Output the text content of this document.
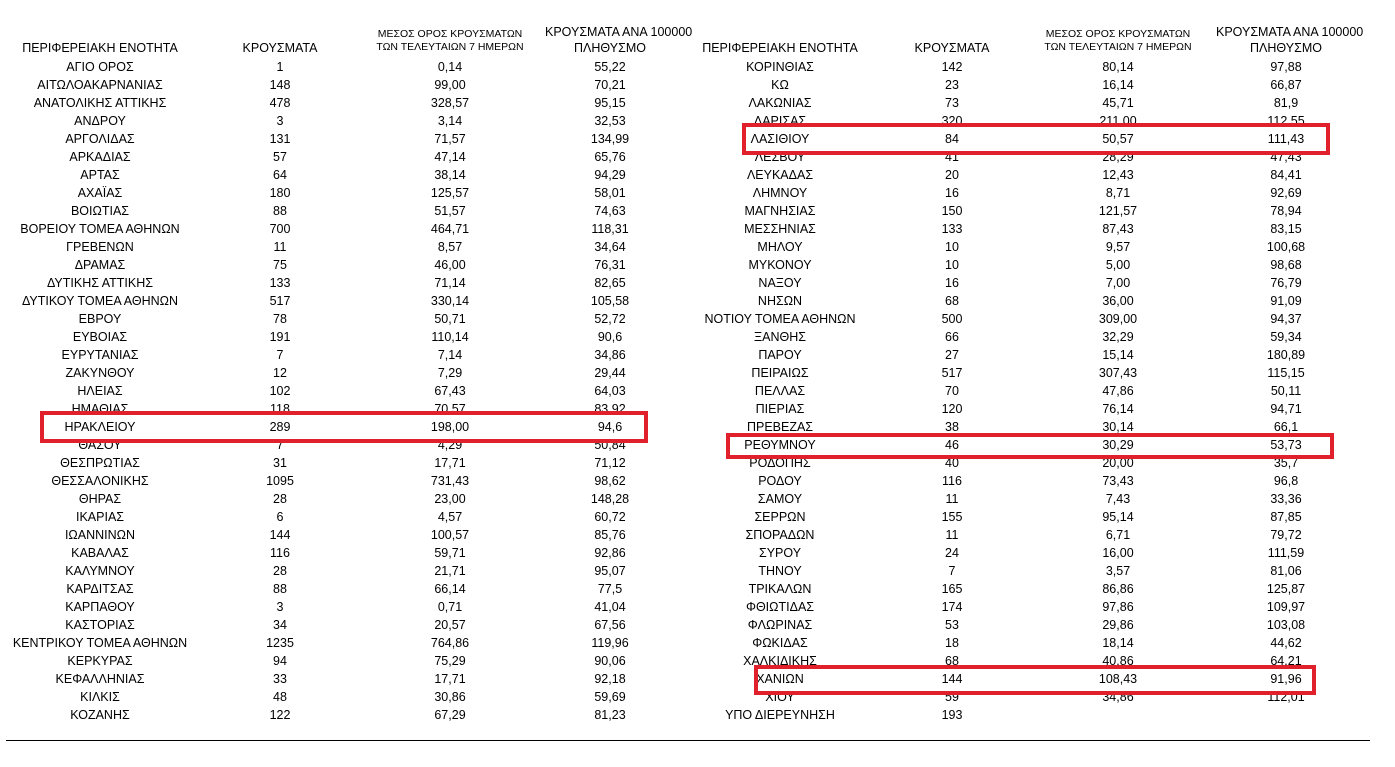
ΠΕΡΙΦΕΡΕΙΑΚΗ ΕΝΟΤΗΤΑ	ΚΡΟΥΣΜΑΤΑ
ΜΕΣΟΣ ΟΡΟΣ ΚΡΟΥΣΜΑΤΩΝ
ΤΩΝ ΤΕΛΕΥΤΑΙΩΝ 7 ΗΜΕΡΩΝ
ΚΡΟΥΣΜΑΤΑ ΑΝΑ 100000
ΠΛΗΘΥΣΜΟ
ΑΓΙΟ ΟΡΟΣ	1	0,14	55,22
ΑΙΤΩΛΟΑΚΑΡΝΑΝΙΑΣ	148	99,00	70,21
ΑΝΑΤΟΛΙΚΗΣ ΑΤΤΙΚΗΣ	478	328,57	95,15
ΑΝΔΡΟΥ	3	3,14	32,53
ΑΡΓΟΛΙΔΑΣ	131	71,57	134,99
ΑΡΚΑΔΙΑΣ	57	47,14	65,76
ΑΡΤΑΣ	64	38,14	94,29
ΑΧΑΪΑΣ	180	125,57	58,01
ΒΟΙΩΤΙΑΣ	88	51,57	74,63
ΒΟΡΕΙΟΥ ΤΟΜΕΑ ΑΘΗΝΩΝ	700	464,71	118,31
ΓΡΕΒΕΝΩΝ	11	8,57	34,64
ΔΡΑΜΑΣ	75	46,00	76,31
ΔΥΤΙΚΗΣ ΑΤΤΙΚΗΣ	133	71,14	82,65
ΔΥΤΙΚΟΥ ΤΟΜΕΑ ΑΘΗΝΩΝ	517	330,14	105,58
ΕΒΡΟΥ	78	50,71	52,72
ΕΥΒΟΙΑΣ	191	110,14	90,6
ΕΥΡΥΤΑΝΙΑΣ	7	7,14	34,86
ΖΑΚΥΝΘΟΥ	12	7,29	29,44
ΗΛΕΙΑΣ	102	67,43	64,03
ΗΜΑΘΙΑΣ	118	70,57	83,92
ΗΡΑΚΛΕΙΟΥ	289	198,00	94,6
ΘΑΣΟΥ	7	4,29	50,84
ΘΕΣΠΡΩΤΙΑΣ	31	17,71	71,12
ΘΕΣΣΑΛΟΝΙΚΗΣ	1095	731,43	98,62
ΘΗΡΑΣ	28	23,00	148,28
ΙΚΑΡΙΑΣ	6	4,57	60,72
ΙΩΑΝΝΙΝΩΝ	144	100,57	85,76
ΚΑΒΑΛΑΣ	116	59,71	92,86
ΚΑΛΥΜΝΟΥ	28	21,71	95,07
ΚΑΡΔΙΤΣΑΣ	88	66,14	77,5
ΚΑΡΠΑΘΟΥ	3	0,71	41,04
ΚΑΣΤΟΡΙΑΣ	34	20,57	67,56
ΚΕΝΤΡΙΚΟΥ ΤΟΜΕΑ ΑΘΗΝΩΝ	1235	764,86	119,96
ΚΕΡΚΥΡΑΣ	94	75,29	90,06
ΚΕΦΑΛΛΗΝΙΑΣ	33	17,71	92,18
ΚΙΛΚΙΣ	48	30,86	59,69
ΚΟΖΑΝΗΣ	122	67,29	81,23
ΠΕΡΙΦΕΡΕΙΑΚΗ ΕΝΟΤΗΤΑ	ΚΡΟΥΣΜΑΤΑ
ΜΕΣΟΣ ΟΡΟΣ ΚΡΟΥΣΜΑΤΩΝ
ΤΩΝ ΤΕΛΕΥΤΑΙΩΝ 7 ΗΜΕΡΩΝ
ΚΡΟΥΣΜΑΤΑ ΑΝΑ 100000
ΠΛΗΘΥΣΜΟ
ΚΟΡΙΝΘΙΑΣ	142	80,14	97,88
ΚΩ	23	16,14	66,87
ΛΑΚΩΝΙΑΣ	73	45,71	81,9
ΛΑΡΙΣΑΣ	320	211,00	112,55
ΛΑΣΙΘΙΟΥ	84	50,57	111,43
ΛΕΣΒΟΥ	41	28,29	47,43
ΛΕΥΚΑΔΑΣ	20	12,43	84,41
ΛΗΜΝΟΥ	16	8,71	92,69
ΜΑΓΝΗΣΙΑΣ	150	121,57	78,94
ΜΕΣΣΗΝΙΑΣ	133	87,43	83,15
ΜΗΛΟΥ	10	9,57	100,68
ΜΥΚΟΝΟΥ	10	5,00	98,68
ΝΑΞΟΥ	16	7,00	76,79
ΝΗΣΩΝ	68	36,00	91,09
ΝΟΤΙΟΥ ΤΟΜΕΑ ΑΘΗΝΩΝ	500	309,00	94,37
ΞΑΝΘΗΣ	66	32,29	59,34
ΠΑΡΟΥ	27	15,14	180,89
ΠΕΙΡΑΙΩΣ	517	307,43	115,15
ΠΕΛΛΑΣ	70	47,86	50,11
ΠΙΕΡΙΑΣ	120	76,14	94,71
ΠΡΕΒΕΖΑΣ	38	30,14	66,1
ΡΕΘΥΜΝΟΥ	46	30,29	53,73
ΡΟΔΟΠΗΣ	40	20,00	35,7
ΡΟΔΟΥ	116	73,43	96,8
ΣΑΜΟΥ	11	7,43	33,36
ΣΕΡΡΩΝ	155	95,14	87,85
ΣΠΟΡΑΔΩΝ	11	6,71	79,72
ΣΥΡΟΥ	24	16,00	111,59
ΤΗΝΟΥ	7	3,57	81,06
ΤΡΙΚΑΛΩΝ	165	86,86	125,87
ΦΘΙΩΤΙΔΑΣ	174	97,86	109,97
ΦΛΩΡΙΝΑΣ	53	29,86	103,08
ΦΩΚΙΔΑΣ	18	18,14	44,62
ΧΑΛΚΙΔΙΚΗΣ	68	40,86	64,21
ΧΑΝΙΩΝ	144	108,43	91,96
ΧΙΟΥ	59	34,86	112,01
ΥΠΟ ΔΙΕΡΕΥΝΗΣΗ	193
